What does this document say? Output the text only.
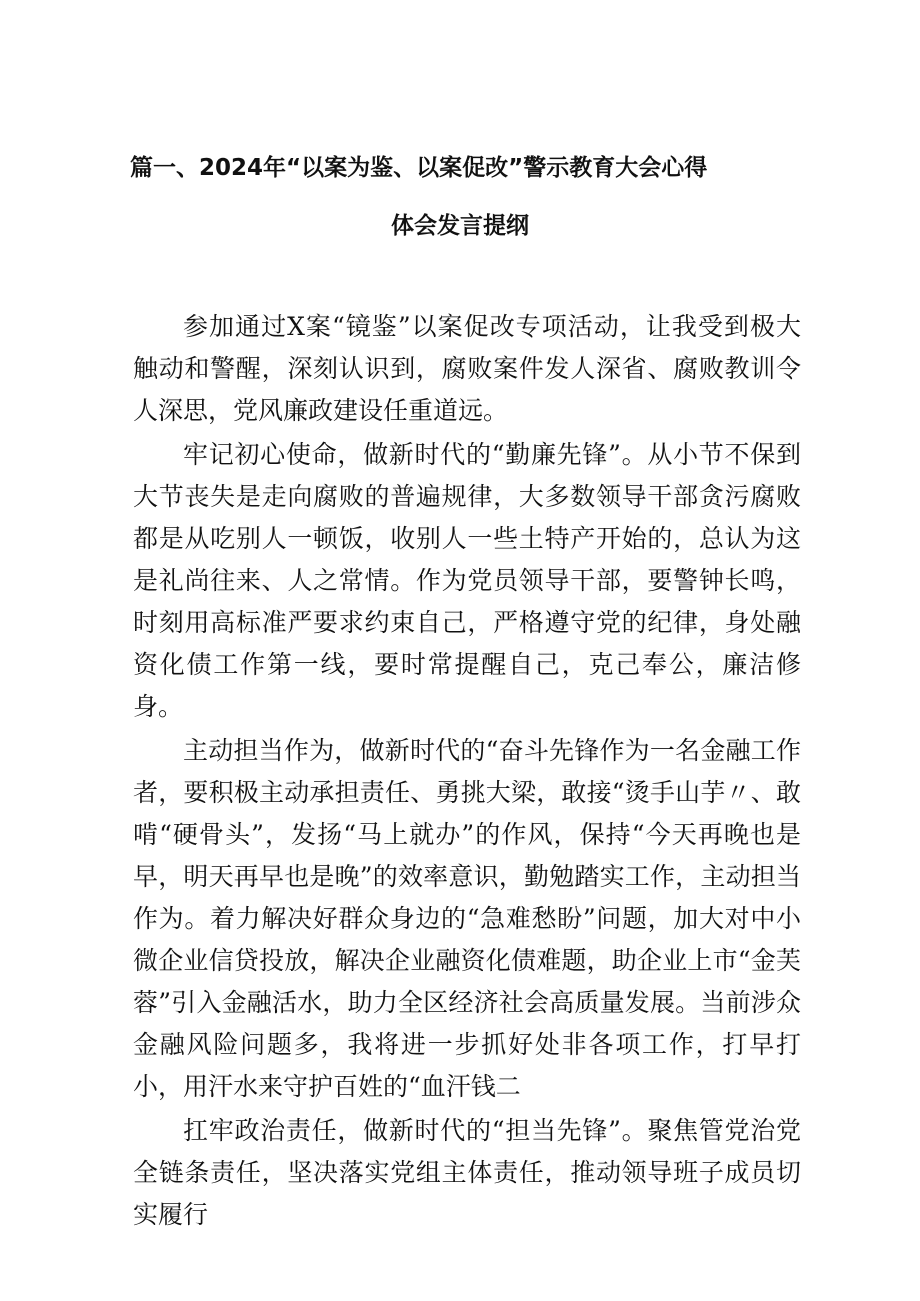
篇一、2024年“以案为鉴、以案促改”警示教育大会心得
体会发言提纲

参加通过X案“镜鉴”以案促改专项活动，让我受到极大触动和警醒，深刻认识到，腐败案件发人深省、腐败教训令人深思，党风廉政建设任重道远。

牢记初心使命，做新时代的“勤廉先锋”。从小节不保到大节丧失是走向腐败的普遍规律，大多数领导干部贪污腐败都是从吃别人一顿饭，收别人一些土特产开始的，总认为这是礼尚往来、人之常情。作为党员领导干部，要警钟长鸣，时刻用高标准严要求约束自己，严格遵守党的纪律，身处融资化债工作第一线，要时常提醒自己，克己奉公，廉洁修身。

主动担当作为，做新时代的“奋斗先锋作为一名金融工作者，要积极主动承担责任、勇挑大梁，敢接“烫手山芋〃、敢啃“硬骨头”，发扬“马上就办”的作风，保持“今天再晚也是早，明天再早也是晚”的效率意识，勤勉踏实工作，主动担当作为。着力解决好群众身边的“急难愁盼”问题，加大对中小微企业信贷投放，解决企业融资化债难题，助企业上市“金芙蓉”引入金融活水，助力全区经济社会高质量发展。当前涉众金融风险问题多，我将进一步抓好处非各项工作，打早打小，用汗水来守护百姓的“血汗钱二

扛牢政治责任，做新时代的“担当先锋”。聚焦管党治党全链条责任，坚决落实党组主体责任，推动领导班子成员切实履行
